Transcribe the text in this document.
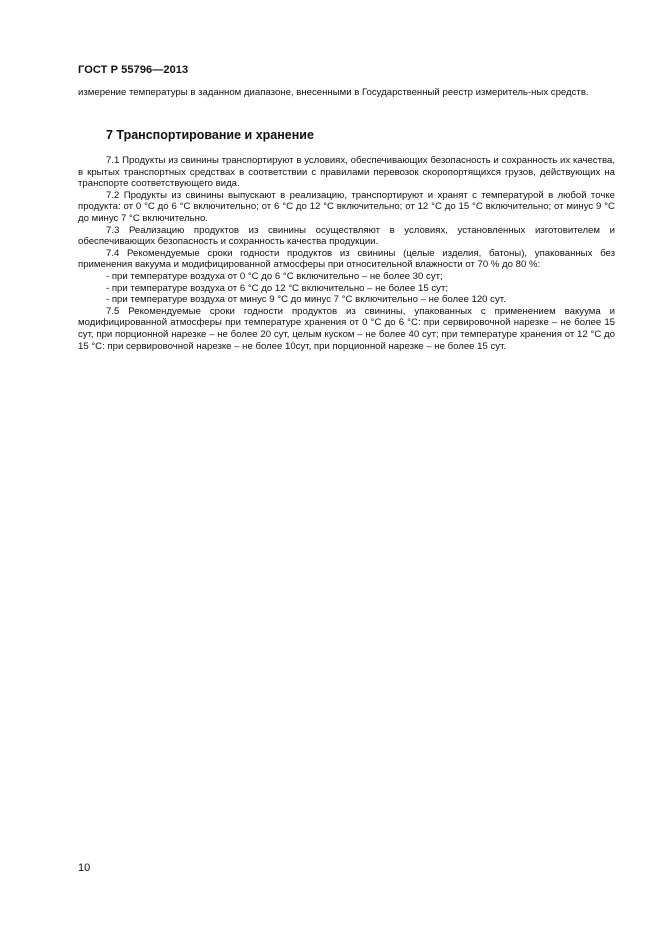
ГОСТ Р 55796—2013
измерение температуры в заданном диапазоне, внесенными в Государственный реестр измеритель-ных средств.
7 Транспортирование и хранение

7.1 Продукты из свинины транспортируют в условиях, обеспечивающих безопасность и сохранность их качества, в крытых транспортных средствах в соответствии с правилами перевозок скоропортящихся грузов, действующих на транспорте соответствующего вида.

7.2 Продукты из свинины выпускают в реализацию, транспортируют и хранят с температурой в любой точке продукта: от 0 °С до 6 °С включительно; от 6 °С до 12 °С включительно; от 12 °С до 15 °С включительно; от минус 9 °С до минус 7 °С включительно.

7.3 Реализацию продуктов из свинины осуществляют в условиях, установленных изготовителем и обеспечивающих безопасность и сохранность качества продукции.

7.4 Рекомендуемые сроки годности продуктов из свинины (целые изделия, батоны), упакованных без применения вакуума и модифицированной атмосферы при относительной влажности от 70 % до 80 %:

- при температуре воздуха от 0 °С до 6 °С включительно – не более 30 сут;

- при температуре воздуха от 6 °С до 12 °С включительно – не более 15 сут;

- при температуре воздуха от минус 9 °С до минус 7 °С включительно – не более 120 сут.

7.5 Рекомендуемые сроки годности продуктов из свинины, упакованных с применением вакуума и модифицированной атмосферы при температуре хранения от 0 °С до 6 °С: при сервировочной нарезке – не более 15 сут, при порционной нарезке – не более 20 сут, целым куском – не более 40 сут; при температуре хранения от 12 °С до 15 °С: при сервировочной нарезке – не более 10сут, при порционной нарезке – не более 15 сут.

10
